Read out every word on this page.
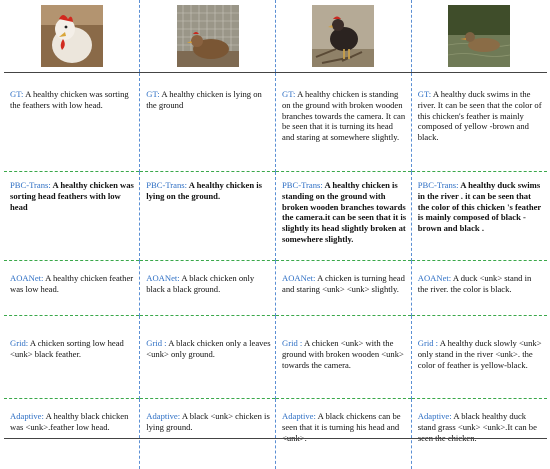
GT: A healthy chicken was sorting the feathers with low head.	GT: A healthy chicken is lying on the ground	GT: A healthy chicken is standing on the ground with broken wooden branches towards the camera. It can be seen that it is turning its head and staring at somewhere slightly.	GT: A healthy duck swims in the river. It can be seen that the color of this chicken's feather is mainly composed of yellow -brown and black.
PBC-Trans: A healthy chicken was sorting head feathers with low head	PBC-Trans: A healthy chicken is lying on the ground.	PBC-Trans: A healthy chicken is standing on the ground with broken wooden branches towards the camera.it can be seen that it is slightly its head slightly broken at somewhere slightly.	PBC-Trans: A healthy duck swims in the river . it can be seen that the color of this chicken 's feather is mainly composed of black -brown and black .
AOANet: A healthy chicken feather was low head.	AOANet: A black chicken only black a black ground.	AOANet: A chicken is turning head and staring <unk> <unk> slightly.	AOANet: A duck <unk> stand in the river. the color is black.
Grid: A chicken sorting low head <unk> black feather.	Grid : A black chicken only a leaves <unk> only ground.	Grid : A chicken <unk> with the ground with broken wooden <unk> towards the camera.	Grid : A healthy duck slowly <unk> only stand in the river <unk>. the color of feather is yellow-black.
Adaptive: A healthy black chicken was <unk>.feather low head.	Adaptive: A black <unk> chicken is lying ground.	Adaptive: A black chickens can be seen that it is turning his head and	Adaptive: A black healthy duck stand grass <unk> <unk>.It can be
